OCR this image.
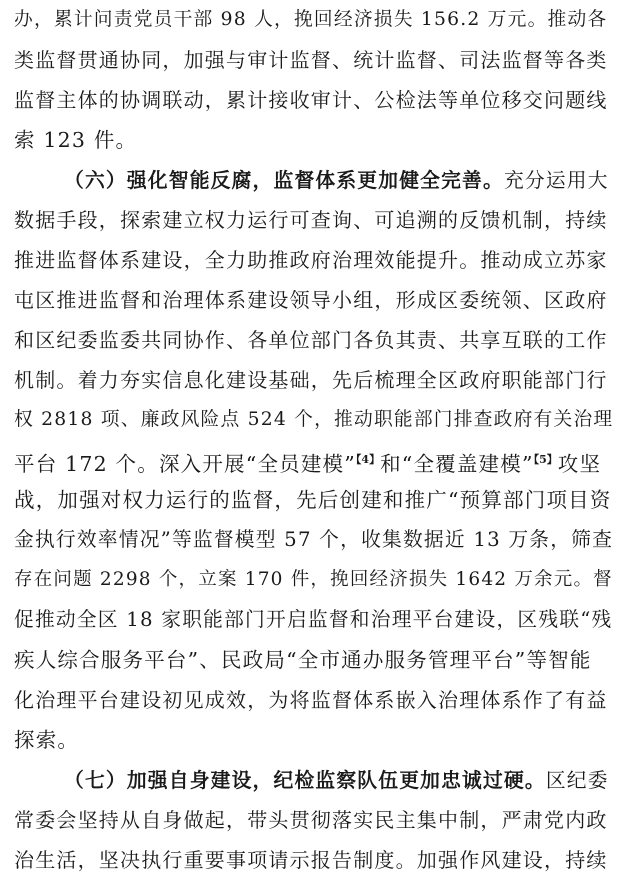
办，累计问责党员干部 98 人，挽回经济损失 156.2 万元。推动各
类监督贯通协同，加强与审计监督、统计监督、司法监督等各类
监督主体的协调联动，累计接收审计、公检法等单位移交问题线
索 123 件。
（六）强化智能反腐，监督体系更加健全完善。充分运用大
数据手段，探索建立权力运行可查询、可追溯的反馈机制，持续
推进监督体系建设，全力助推政府治理效能提升。推动成立苏家
屯区推进监督和治理体系建设领导小组，形成区委统领、区政府
和区纪委监委共同协作、各单位部门各负其责、共享互联的工作
机制。着力夯实信息化建设基础，先后梳理全区政府职能部门行
权 2818 项、廉政风险点 524 个，推动职能部门排查政府有关治理
平台 172 个。深入开展“全员建模”$^{【4】}$和“全覆盖建模”$^{【5】}$攻坚
战，加强对权力运行的监督，先后创建和推广“预算部门项目资
金执行效率情况”等监督模型 57 个，收集数据近 13 万条，筛查
存在问题 2298 个，立案 170 件，挽回经济损失 1642 万余元。督
促推动全区 18 家职能部门开启监督和治理平台建设，区残联“残
疾人综合服务平台”、民政局“全市通办服务管理平台”等智能
化治理平台建设初见成效，为将监督体系嵌入治理体系作了有益
探索。
（七）加强自身建设，纪检监察队伍更加忠诚过硬。区纪委
常委会坚持从自身做起，带头贯彻落实民主集中制，严肃党内政
治生活，坚决执行重要事项请示报告制度。加强作风建设，持续
